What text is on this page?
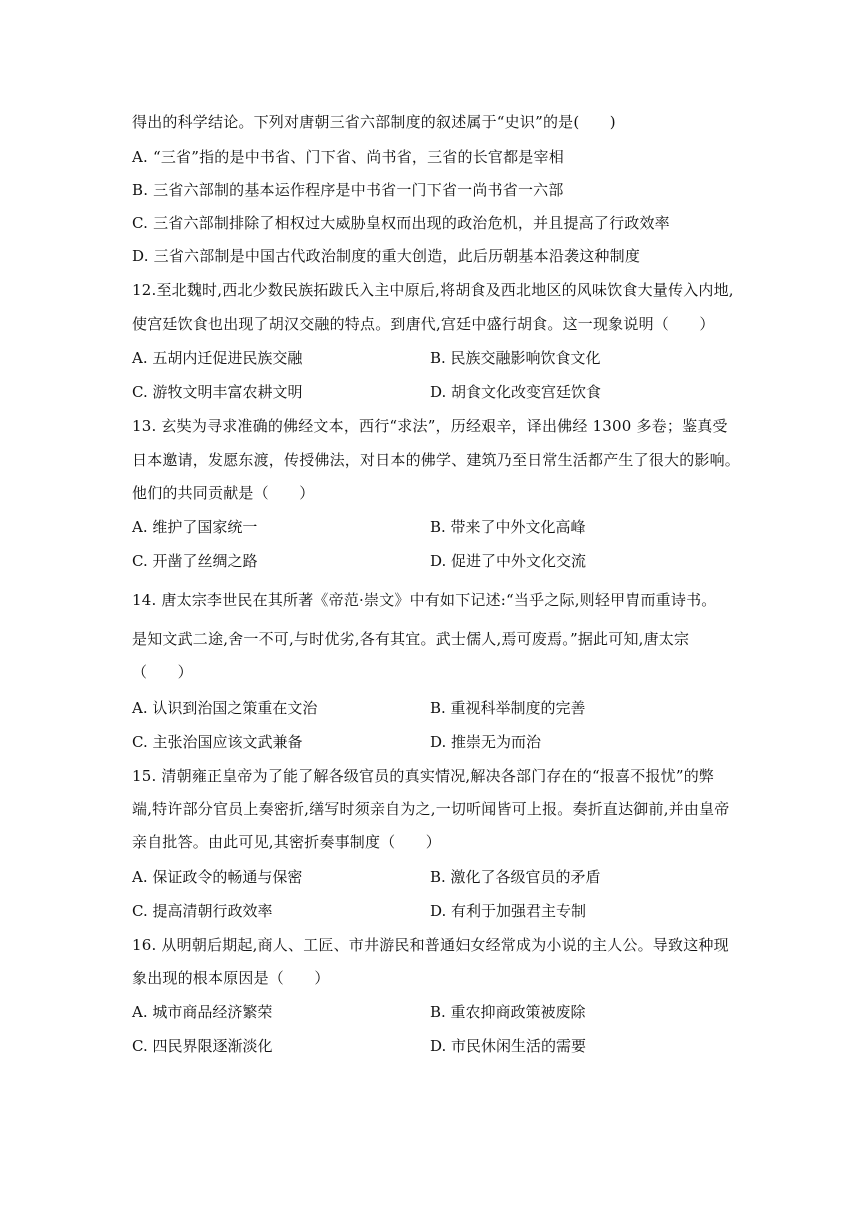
得出的科学结论。下列对唐朝三省六部制度的叙述属于“史识”的是(　　)
A. “三省”指的是中书省、门下省、尚书省，三省的长官都是宰相
B. 三省六部制的基本运作程序是中书省一门下省一尚书省一六部
C. 三省六部制排除了相权过大威胁皇权而出现的政治危机，并且提高了行政效率
D. 三省六部制是中国古代政治制度的重大创造，此后历朝基本沿袭这种制度
12.至北魏时,西北少数民族拓跋氏入主中原后,将胡食及西北地区的风味饮食大量传入内地,
使宫廷饮食也出现了胡汉交融的特点。到唐代,宫廷中盛行胡食。这一现象说明（　　）
A. 五胡内迁促进民族交融	B. 民族交融影响饮食文化
C. 游牧文明丰富农耕文明	D. 胡食文化改变宫廷饮食
13. 玄奘为寻求准确的佛经文本，西行“求法”，历经艰辛，译出佛经 1300 多卷；鉴真受
日本邀请，发愿东渡，传授佛法，对日本的佛学、建筑乃至日常生活都产生了很大的影响。
他们的共同贡献是（　　）
A. 维护了国家统一	B. 带来了中外文化高峰
C. 开凿了丝绸之路	D. 促进了中外文化交流
14. 唐太宗李世民在其所著《帝范·崇文》中有如下记述:“当乎之际,则轻甲胄而重诗书。
是知文武二途,舍一不可,与时优劣,各有其宜。武士儒人,焉可废焉。”据此可知,唐太宗
（　　）
A. 认识到治国之策重在文治	B. 重视科举制度的完善
C. 主张治国应该文武兼备	D. 推崇无为而治
15. 清朝雍正皇帝为了能了解各级官员的真实情况,解决各部门存在的“报喜不报忧”的弊
端,特许部分官员上奏密折,缮写时须亲自为之,一切听闻皆可上报。奏折直达御前,并由皇帝
亲自批答。由此可见,其密折奏事制度（　　）
A. 保证政令的畅通与保密	B. 激化了各级官员的矛盾
C. 提高清朝行政效率	D. 有利于加强君主专制
16. 从明朝后期起,商人、工匠、市井游民和普通妇女经常成为小说的主人公。导致这种现
象出现的根本原因是（　　）
A. 城市商品经济繁荣	B. 重农抑商政策被废除
C. 四民界限逐渐淡化	D. 市民休闲生活的需要
